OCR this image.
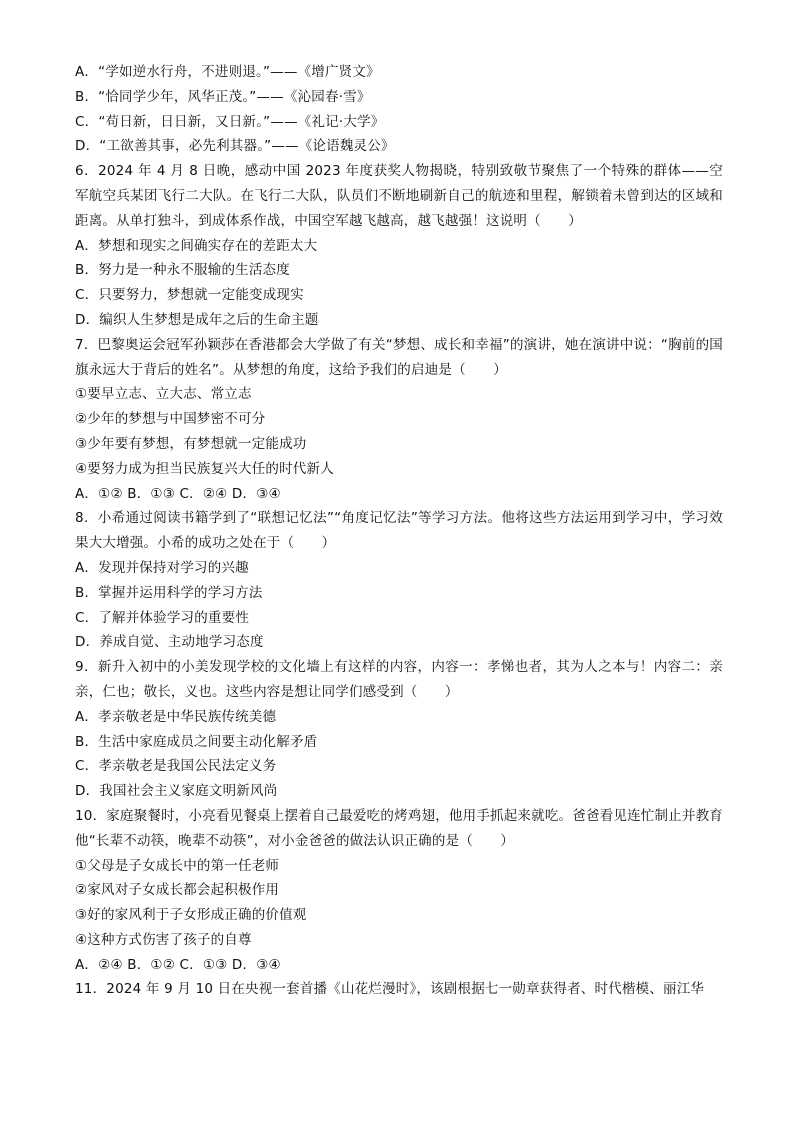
A．“学如逆水行舟，不进则退。”——《增广贤文》
B．“恰同学少年，风华正茂。”——《沁园春·雪》
C．“苟日新，日日新，又日新。”——《礼记·大学》
D．“工欲善其事，必先利其器。”——《论语魏灵公》
6．2024 年 4 月 8 日晚，感动中国 2023 年度获奖人物揭晓，特别致敬节聚焦了一个特殊的群体——空军航空兵某团飞行二大队。在飞行二大队，队员们不断地刷新自己的航迹和里程，解锁着未曾到达的区域和距离。从单打独斗，到成体系作战，中国空军越飞越高，越飞越强！这说明（　　）
A．梦想和现实之间确实存在的差距太大
B．努力是一种永不服输的生活态度
C．只要努力，梦想就一定能变成现实
D．编织人生梦想是成年之后的生命主题
7．巴黎奥运会冠军孙颖莎在香港都会大学做了有关“梦想、成长和幸福”的演讲，她在演讲中说：“胸前的国旗永远大于背后的姓名”。从梦想的角度，这给予我们的启迪是（　　）
①要早立志、立大志、常立志
②少年的梦想与中国梦密不可分
③少年要有梦想，有梦想就一定能成功
④要努力成为担当民族复兴大任的时代新人
A．①② B．①③ C．②④ D．③④
8．小希通过阅读书籍学到了“联想记忆法”“角度记忆法”等学习方法。他将这些方法运用到学习中，学习效果大大增强。小希的成功之处在于（　　）
A．发现并保持对学习的兴趣
B．掌握并运用科学的学习方法
C．了解并体验学习的重要性
D．养成自觉、主动地学习态度
9．新升入初中的小美发现学校的文化墙上有这样的内容，内容一：孝悌也者，其为人之本与！内容二：亲亲，仁也；敬长，义也。这些内容是想让同学们感受到（　　）
A．孝亲敬老是中华民族传统美德
B．生活中家庭成员之间要主动化解矛盾
C．孝亲敬老是我国公民法定义务
D．我国社会主义家庭文明新风尚
10．家庭聚餐时，小亮看见餐桌上摆着自己最爱吃的烤鸡翅，他用手抓起来就吃。爸爸看见连忙制止并教育他“长辈不动筷，晚辈不动筷”，对小金爸爸的做法认识正确的是（　　）
①父母是子女成长中的第一任老师
②家风对子女成长都会起积极作用
③好的家风利于子女形成正确的价值观
④这种方式伤害了孩子的自尊
A．②④ B．①② C．①③ D．③④
11．2024 年 9 月 10 日在央视一套首播《山花烂漫时》，该剧根据七一勋章获得者、时代楷模、丽江华
